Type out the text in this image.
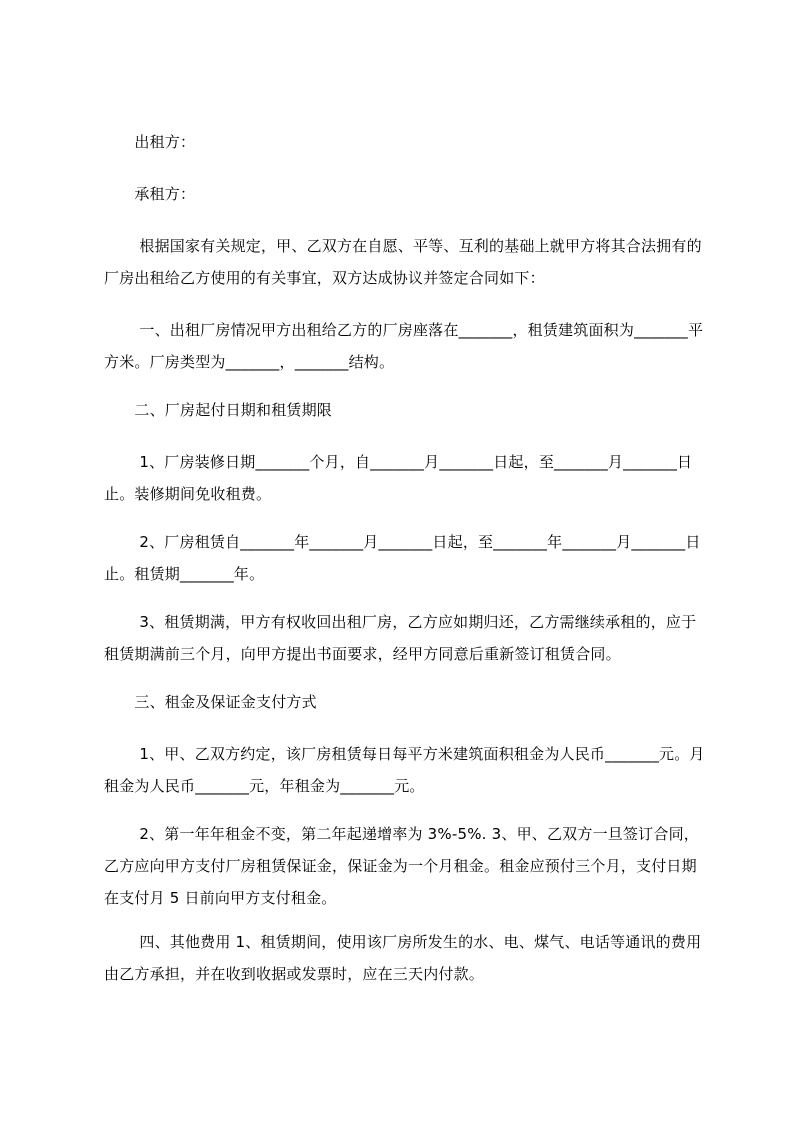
　　出租方：
　　承租方：
　　 根据国家有关规定，甲、乙双方在自愿、平等、互利的基础上就甲方将其合法拥有的厂房出租给乙方使用的有关事宜，双方达成协议并签定合同如下：
　　 一、出租厂房情况甲方出租给乙方的厂房座落在_______，租赁建筑面积为_______平方米。厂房类型为_______，_______结构。
　　二、厂房起付日期和租赁期限
　　 1、厂房装修日期_______个月，自_______月_______日起，至_______月_______日止。装修期间免收租费。
　　 2、厂房租赁自_______年_______月_______日起，至_______年_______月_______日止。租赁期_______年。
　　 3、租赁期满，甲方有权收回出租厂房，乙方应如期归还，乙方需继续承租的，应于租赁期满前三个月，向甲方提出书面要求，经甲方同意后重新签订租赁合同。
　　三、租金及保证金支付方式
　　 1、甲、乙双方约定，该厂房租赁每日每平方米建筑面积租金为人民币_______元。月租金为人民币_______元，年租金为_______元。
　　 2、第一年年租金不变，第二年起递增率为 3%-5%. 3、甲、乙双方一旦签订合同， 乙方应向甲方支付厂房租赁保证金，保证金为一个月租金。租金应预付三个月，支付日期在支付月 5 日前向甲方支付租金。
　　 四、其他费用 1、租赁期间，使用该厂房所发生的水、电、煤气、电话等通讯的费用由乙方承担，并在收到收据或发票时，应在三天内付款。
